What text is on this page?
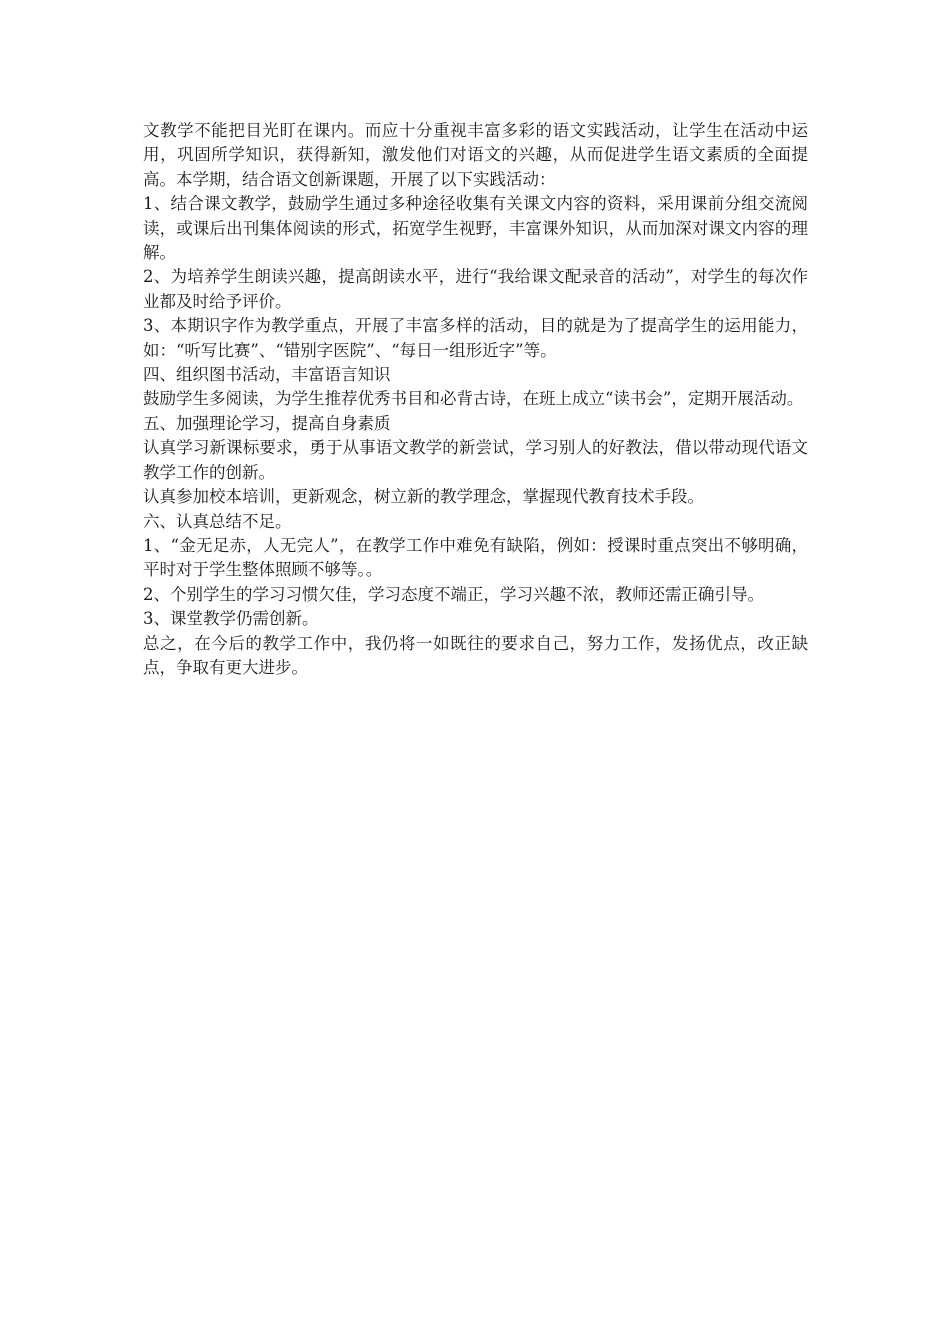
文教学不能把目光盯在课内。而应十分重视丰富多彩的语文实践活动，让学生在活动中运用，巩固所学知识，获得新知，激发他们对语文的兴趣，从而促进学生语文素质的全面提高。本学期，结合语文创新课题，开展了以下实践活动：

1、结合课文教学，鼓励学生通过多种途径收集有关课文内容的资料，采用课前分组交流阅读，或课后出刊集体阅读的形式，拓宽学生视野，丰富课外知识，从而加深对课文内容的理解。

2、为培养学生朗读兴趣，提高朗读水平，进行“我给课文配录音的活动”，对学生的每次作业都及时给予评价。

3、本期识字作为教学重点，开展了丰富多样的活动，目的就是为了提高学生的运用能力，如：“听写比赛”、“错别字医院”、“每日一组形近字”等。

四、组织图书活动，丰富语言知识

鼓励学生多阅读，为学生推荐优秀书目和必背古诗，在班上成立“读书会”，定期开展活动。

五、加强理论学习，提高自身素质

认真学习新课标要求，勇于从事语文教学的新尝试，学习别人的好教法，借以带动现代语文教学工作的创新。

认真参加校本培训，更新观念，树立新的教学理念，掌握现代教育技术手段。

六、认真总结不足。

1、“金无足赤，人无完人”，在教学工作中难免有缺陷，例如：授课时重点突出不够明确，平时对于学生整体照顾不够等。。

2、个别学生的学习习惯欠佳，学习态度不端正，学习兴趣不浓，教师还需正确引导。

3、课堂教学仍需创新。

总之，在今后的教学工作中，我仍将一如既往的要求自己，努力工作，发扬优点，改正缺点，争取有更大进步。
